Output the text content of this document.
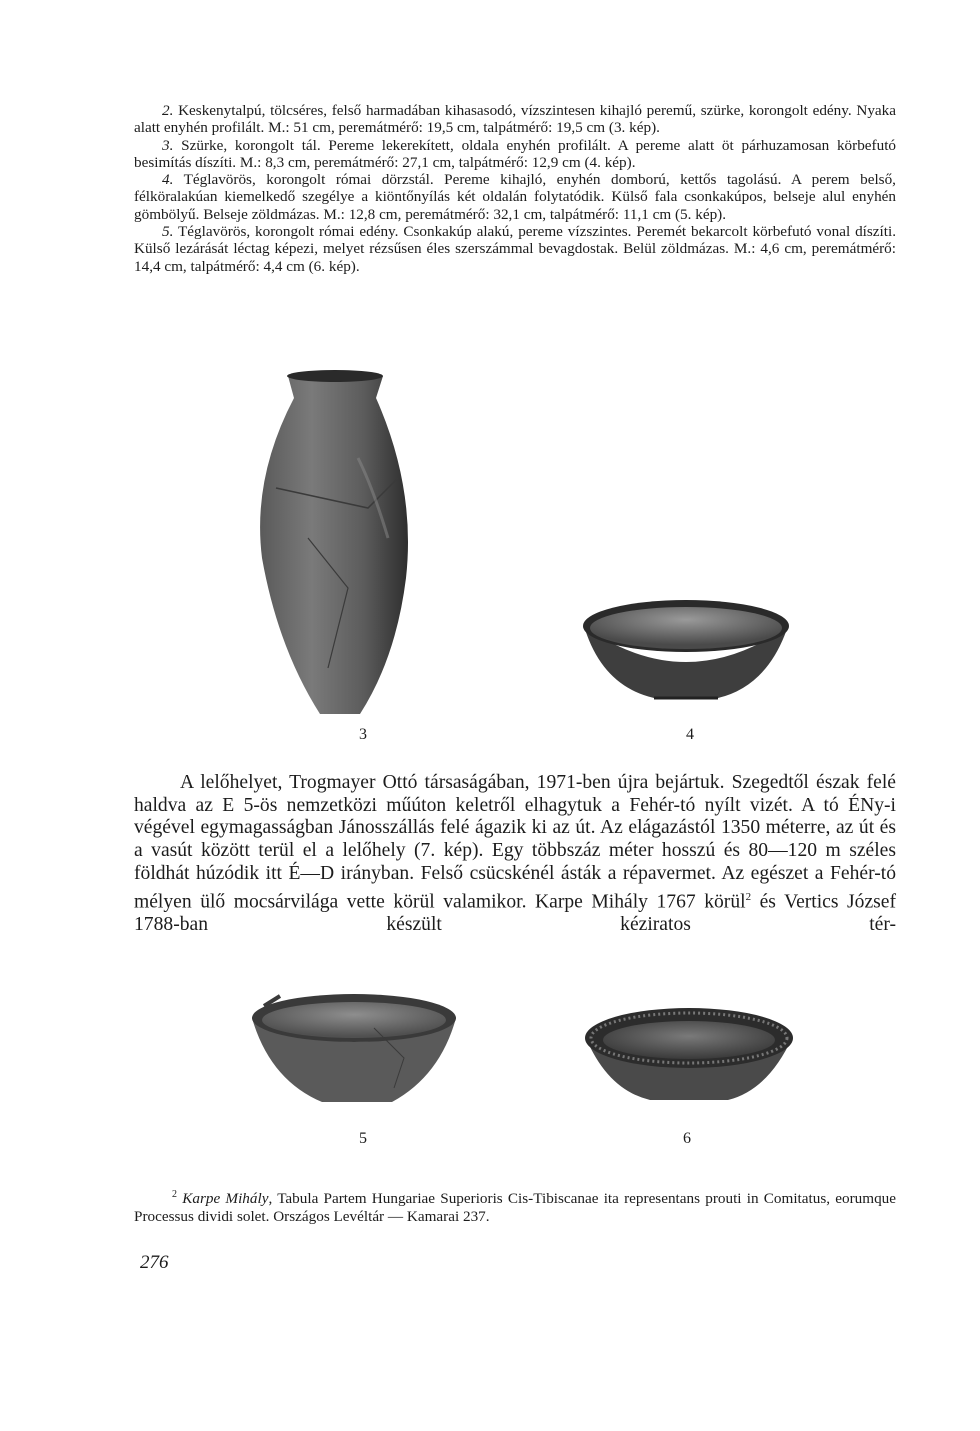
2. Keskenytalpú, tölcséres, felső harmadában kihasasodó, vízszintesen kihajló peremű, szürke, korongolt edény. Nyaka alatt enyhén profilált. M.: 51 cm, peremátmérő: 19,5 cm, talpátmérő: 19,5 cm (3. kép).

3. Szürke, korongolt tál. Pereme lekerekített, oldala enyhén profilált. A pereme alatt öt párhuzamosan körbefutó besimítás díszíti. M.: 8,3 cm, peremátmérő: 27,1 cm, talpátmérő: 12,9 cm (4. kép).

4. Téglavörös, korongolt római dörzstál. Pereme kihajló, enyhén domború, kettős tagolású. A perem belső, félköralakúan kiemelkedő szegélye a kiöntőnyílás két oldalán folytatódik. Külső fala csonkakúpos, belseje alul enyhén gömbölyű. Belseje zöldmázas. M.: 12,8 cm, peremátmérő: 32,1 cm, talpátmérő: 11,1 cm (5. kép).

5. Téglavörös, korongolt római edény. Csonkakúp alakú, pereme vízszintes. Peremét bekarcolt körbefutó vonal díszíti. Külső lezárását léctag képezi, melyet rézsűsen éles szerszámmal bevagdostak. Belül zöldmázas. M.: 4,6 cm, peremátmérő: 14,4 cm, talpátmérő: 4,4 cm (6. kép).

3	4

A lelőhelyet, Trogmayer Ottó társaságában, 1971-ben újra bejártuk. Szegedtől észak felé haldva az E 5-ös nemzetközi műúton keletről elhagytuk a Fehér-tó nyílt vizét. A tó ÉNy-i végével egymagasságban Jánosszállás felé ágazik ki az út. Az elágazástól 1350 méterre, az út és a vasút között terül el a lelőhely (7. kép). Egy többszáz méter hosszú és 80—120 m széles földhát húzódik itt É—D irányban. Felső csücskénél ásták a répavermet. Az egészet a Fehér-tó mélyen ülő mocsárvilága vette körül valamikor. Karpe Mihály 1767 körül$^2$ és Vertics József 1788-ban készült kéziratos tér-

5	6

$^2$ Karpe Mihály, Tabula Partem Hungariae Superioris Cis-Tibiscanae ita representans prouti in Comitatus, eorumque Processus dividi solet. Országos Levéltár — Kamarai 237.

276
